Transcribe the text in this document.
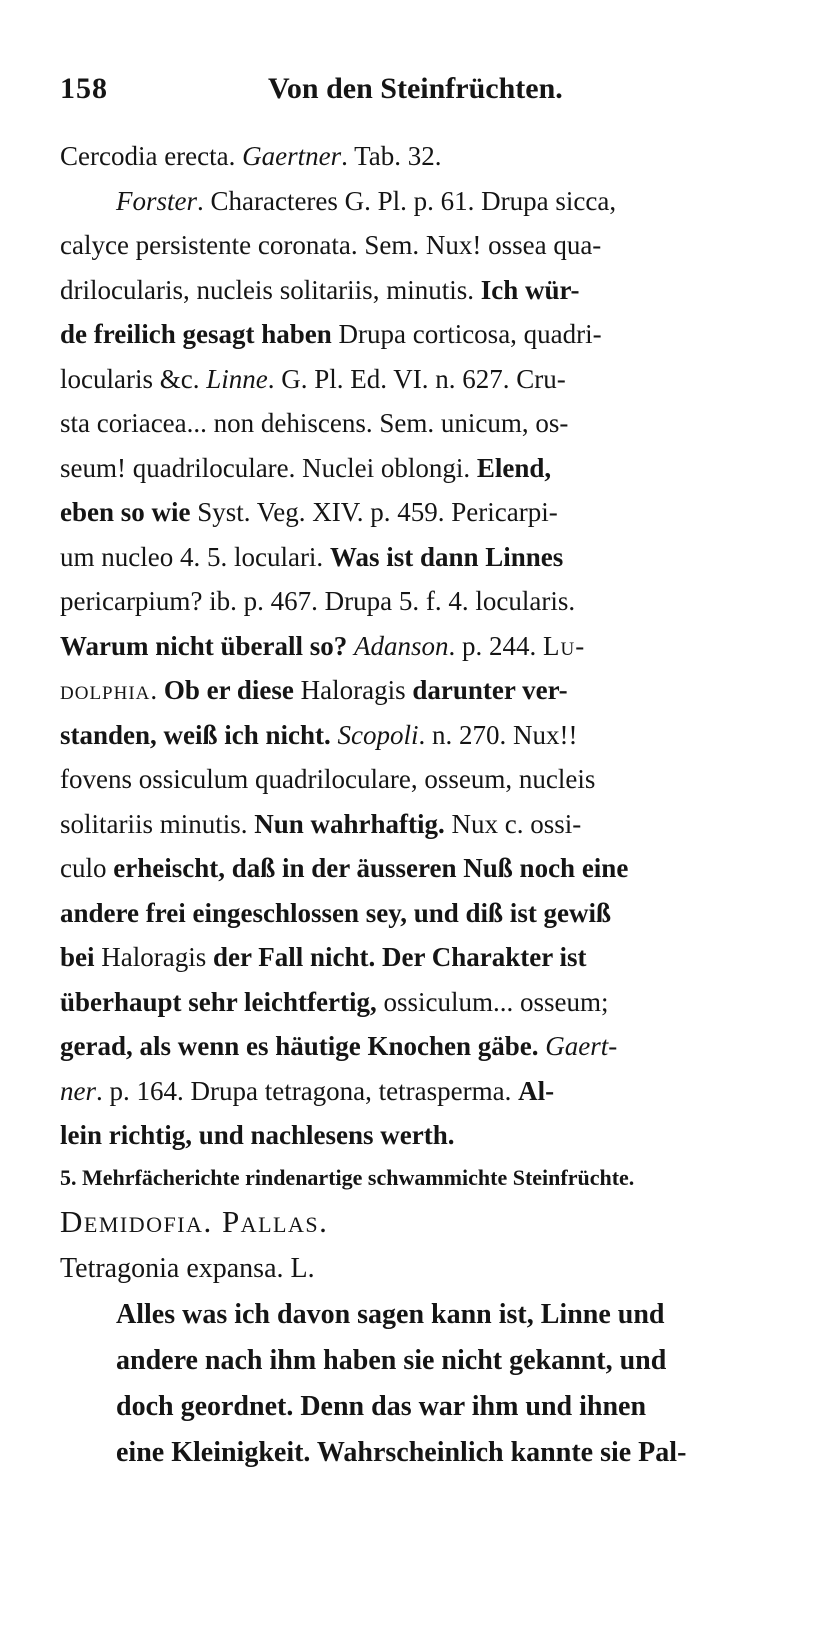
158	Von den Steinfrüchten.
Cercodia erecta. Gaertner. Tab. 32.
Forster. Characteres G. Pl. p. 61. Drupa sicca,
calyce persistente coronata. Sem. Nux! ossea qua-
drilocularis, nucleis solitariis, minutis. Ich wür-
de freilich gesagt haben Drupa corticosa, quadri-
locularis &c. Linne. G. Pl. Ed. VI. n. 627. Cru-
sta coriacea... non dehiscens. Sem. unicum, os-
seum! quadriloculare. Nuclei oblongi. Elend,
eben so wie Syst. Veg. XIV. p. 459. Pericarpi-
um nucleo 4. 5. loculari. Was ist dann Linnes
pericarpium? ib. p. 467. Drupa 5. f. 4. locularis.
Warum nicht überall so? Adanson. p. 244. Lu-
dolphia. Ob er diese Haloragis darunter ver-
standen, weiß ich nicht. Scopoli. n. 270. Nux!!
fovens ossiculum quadriloculare, osseum, nucleis
solitariis minutis. Nun wahrhaftig. Nux c. ossi-
culo erheischt, daß in der äusseren Nuß noch eine
andere frei eingeschlossen sey, und diß ist gewiß
bei Haloragis der Fall nicht. Der Charakter ist
überhaupt sehr leichtfertig, ossiculum... osseum;
gerad, als wenn es häutige Knochen gäbe. Gaert-
ner. p. 164. Drupa tetragona, tetrasperma. Al-
lein richtig, und nachlesens werth.
5. Mehrfächerichte rindenartige schwammichte Steinfrüchte.
Demidofia. Pallas.
Tetragonia expansa. L.
Alles was ich davon sagen kann ist, Linne und
andere nach ihm haben sie nicht gekannt, und
doch geordnet. Denn das war ihm und ihnen
eine Kleinigkeit. Wahrscheinlich kannte sie Pal-
